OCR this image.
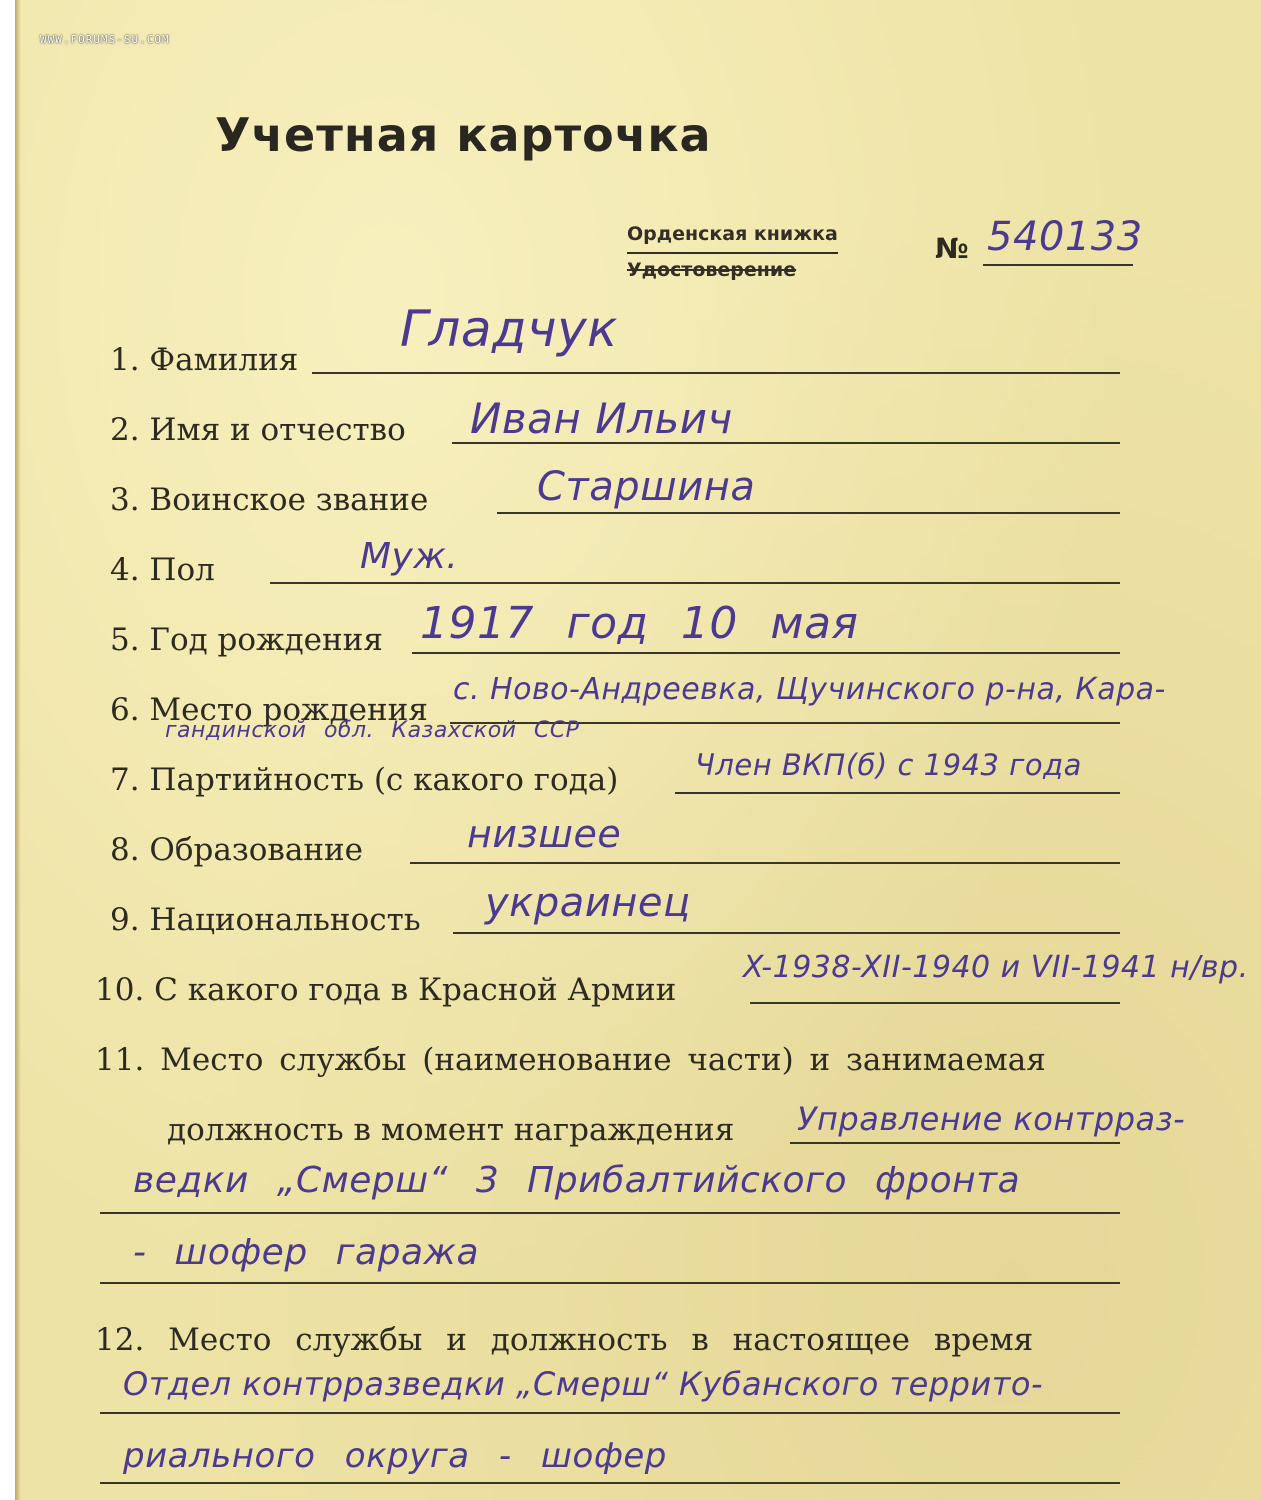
WWW.FORUMS-SU.COM
Учетная карточка
Орденская книжка
Удостоверение
№ 540133
1. Фамилия
Гладчук
2. Имя и отчество Иван Ильич
3. Воинское звание	Старшина
4. Пол	Муж.
5. Год рождения 1917 год 10 мая
6. Место рождения
с. Ново-Андреевка, Щучинского р-на, Кара-
гандинской обл. Казахской ССР
7. Партийность (с какого года)	Член ВКП(б) с 1943 года
8. Образование	низшее
9. Национальность украинец
10. С какого года в Красной Армии
X-1938-XII-1940 и VII-1941 н/вр.
11. Место службы (наименование части) и занимаемая
должность в момент награждения Управление контрраз-
ведки „Смерш“ 3 Прибалтийского фронта
- шофер гаража
12. Место службы и должность в настоящее время
Отдел контрразведки „Смерш“ Кубанского террито-
риального округа - шофер
